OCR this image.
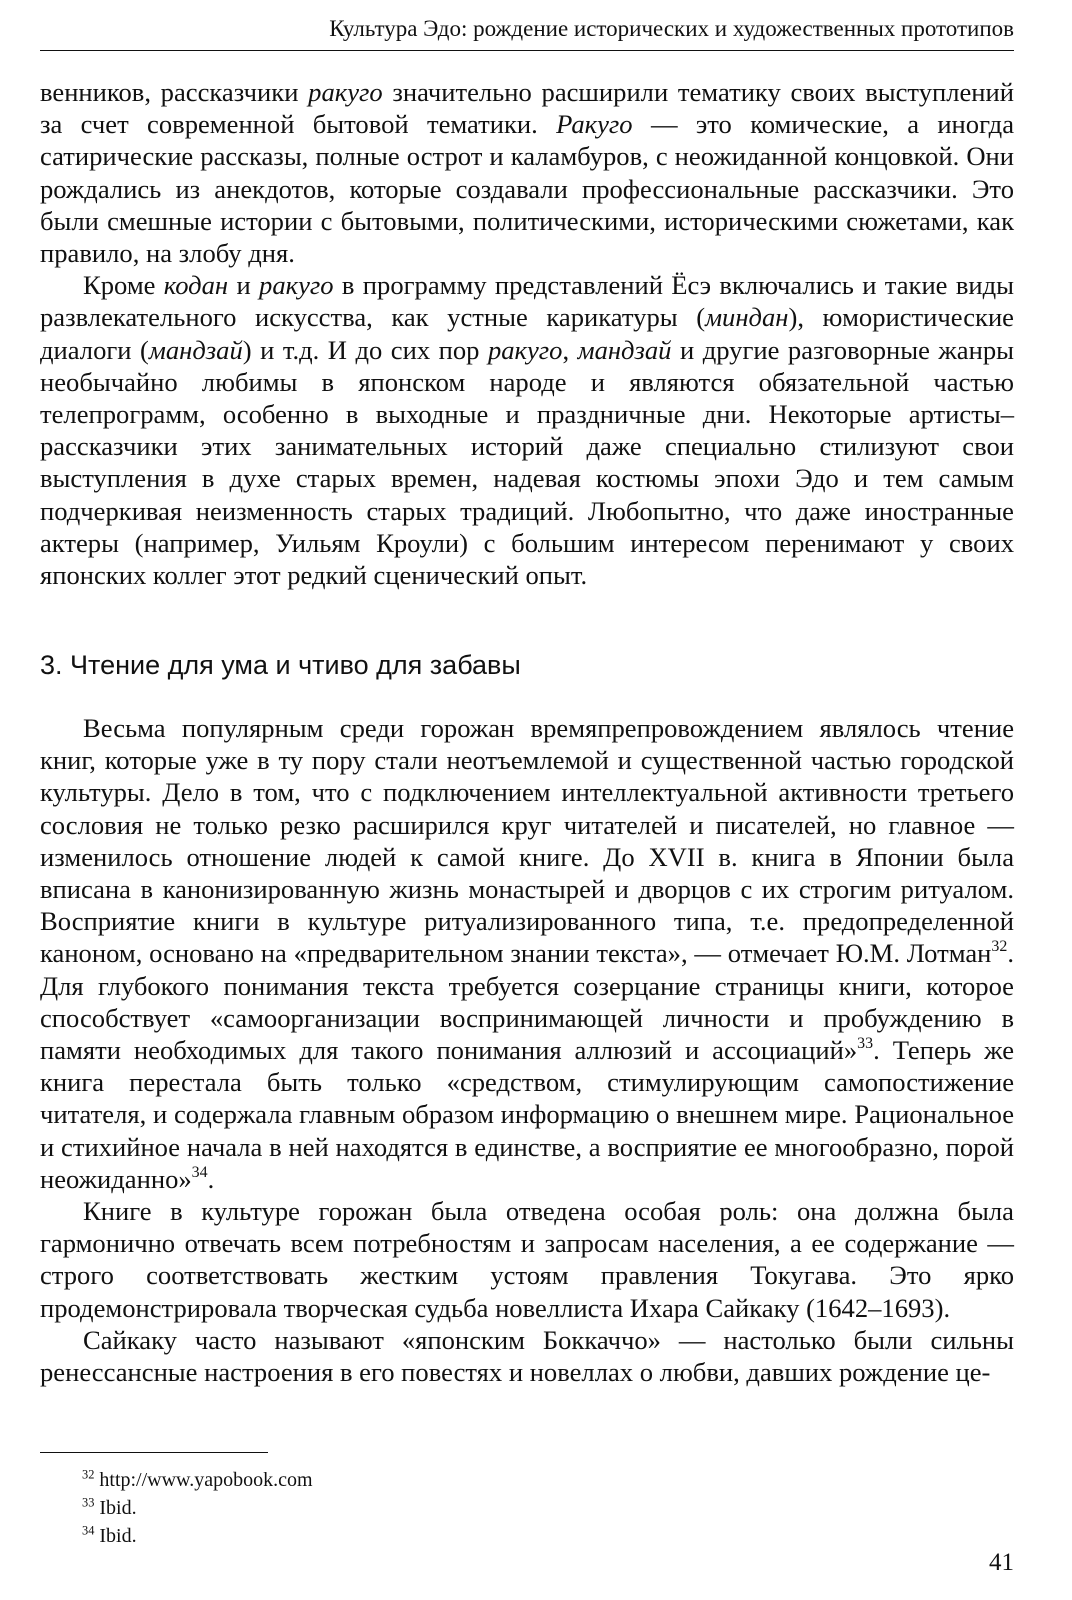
Культура Эдо: рождение исторических и художественных прототипов

венников, рассказчики ракуго значительно расширили тематику своих выступлений за счет современной бытовой тематики. Ракуго — это комические, а иногда сатирические рассказы, полные острот и каламбуров, с неожиданной концовкой. Они рождались из анекдотов, которые создавали профессиональные рассказчики. Это были смешные истории с бытовыми, политическими, историческими сюжетами, как правило, на злобу дня.

Кроме кодан и ракуго в программу представлений Ёсэ включались и такие виды развлекательного искусства, как устные карикатуры (миндан), юмористические диалоги (мандзай) и т.д. И до сих пор ракуго, мандзай и другие разговорные жанры необычайно любимы в японском народе и являются обязательной частью телепрограмм, особенно в выходные и праздничные дни. Некоторые артисты–рассказчики этих занимательных историй даже специально стилизуют свои выступления в духе старых времен, надевая костюмы эпохи Эдо и тем самым подчеркивая неизменность старых традиций. Любопытно, что даже иностранные актеры (например, Уильям Кроули) с большим интересом перенимают у своих японских коллег этот редкий сценический опыт.

3. Чтение для ума и чтиво для забавы

Весьма популярным среди горожан времяпрепровождением являлось чтение книг, которые уже в ту пору стали неотъемлемой и существенной частью городской культуры. Дело в том, что с подключением интеллектуальной активности третьего сословия не только резко расширился круг читателей и писателей, но главное — изменилось отношение людей к самой книге. До XVII в. книга в Японии была вписана в канонизированную жизнь монастырей и дворцов с их строгим ритуалом. Восприятие книги в культуре ритуализированного типа, т.е. предопределенной каноном, основано на «предварительном знании текста», — отмечает Ю.М. Лотман$^{32}$. Для глубокого понимания текста требуется созерцание страницы книги, которое способствует «самоорганизации воспринимающей личности и пробуждению в памяти необходимых для такого понимания аллюзий и ассоциаций»$^{33}$. Теперь же книга перестала быть только «средством, стимулирующим самопостижение читателя, и содержала главным образом информацию о внешнем мире. Рациональное и стихийное начала в ней находятся в единстве, а восприятие ее многообразно, порой неожиданно»$^{34}$.

Книге в культуре горожан была отведена особая роль: она должна была гармонично отвечать всем потребностям и запросам населения, а ее содержание — строго соответствовать жестким устоям правления Токугава. Это ярко продемонстрировала творческая судьба новеллиста Ихара Сайкаку (1642–1693).

Сайкаку часто называют «японским Боккаччо» — настолько были сильны ренессансные настроения в его повестях и новеллах о любви, давших рождение це-

$^{32}$ http://www.yapobook.com
$^{33}$ Ibid.
$^{34}$ Ibid.
41
